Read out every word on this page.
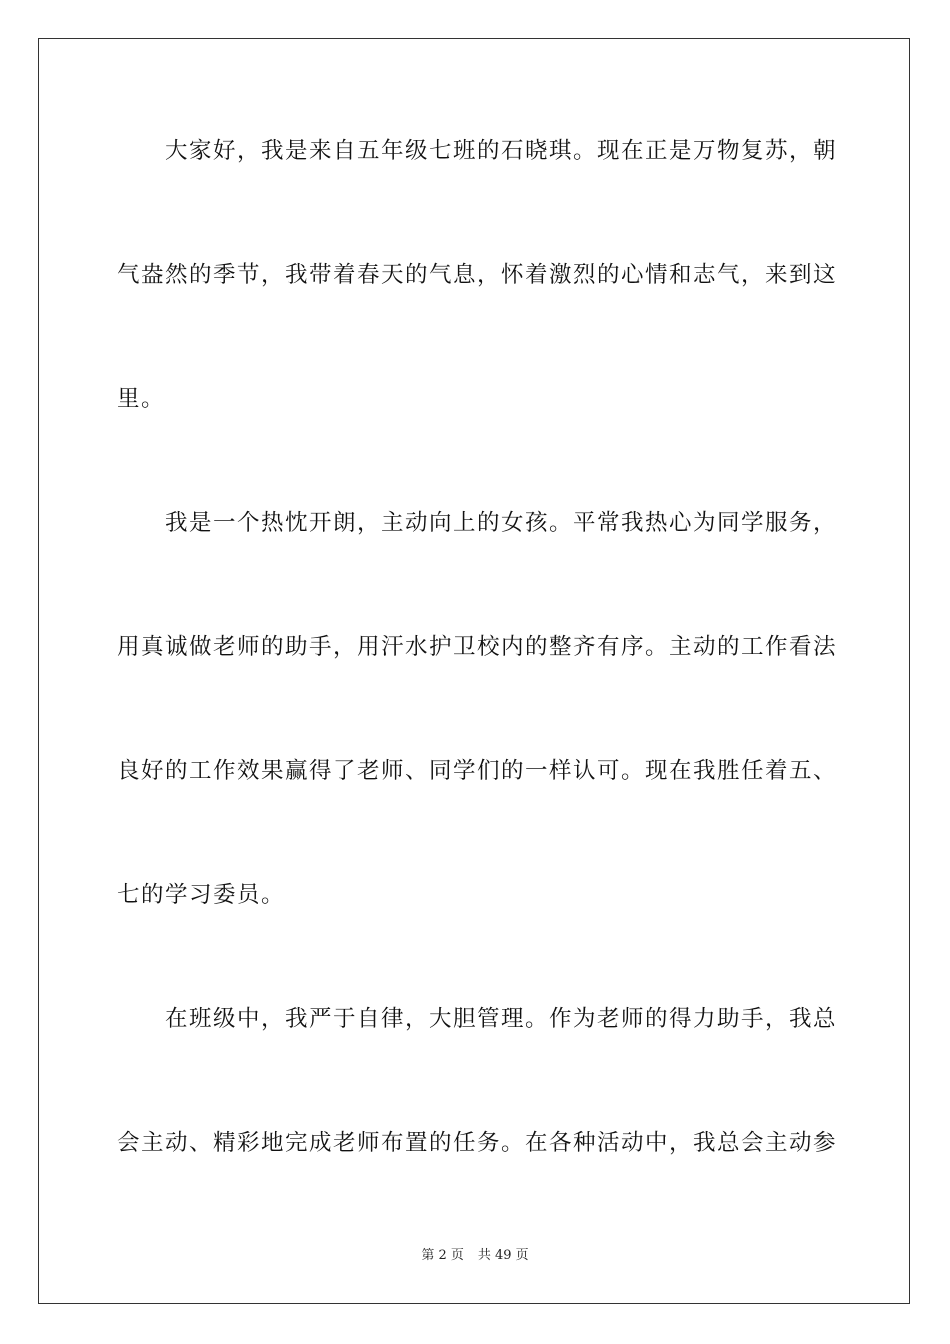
大家好，我是来自五年级七班的石晓琪。现在正是万物复苏，朝
气盎然的季节，我带着春天的气息，怀着激烈的心情和志气，来到这
里。
我是一个热忱开朗，主动向上的女孩。平常我热心为同学服务，
用真诚做老师的助手，用汗水护卫校内的整齐有序。主动的工作看法
良好的工作效果赢得了老师、同学们的一样认可。现在我胜任着五、
七的学习委员。
在班级中，我严于自律，大胆管理。作为老师的得力助手，我总
会主动、精彩地完成老师布置的任务。在各种活动中，我总会主动参
第 2 页 共 49 页
